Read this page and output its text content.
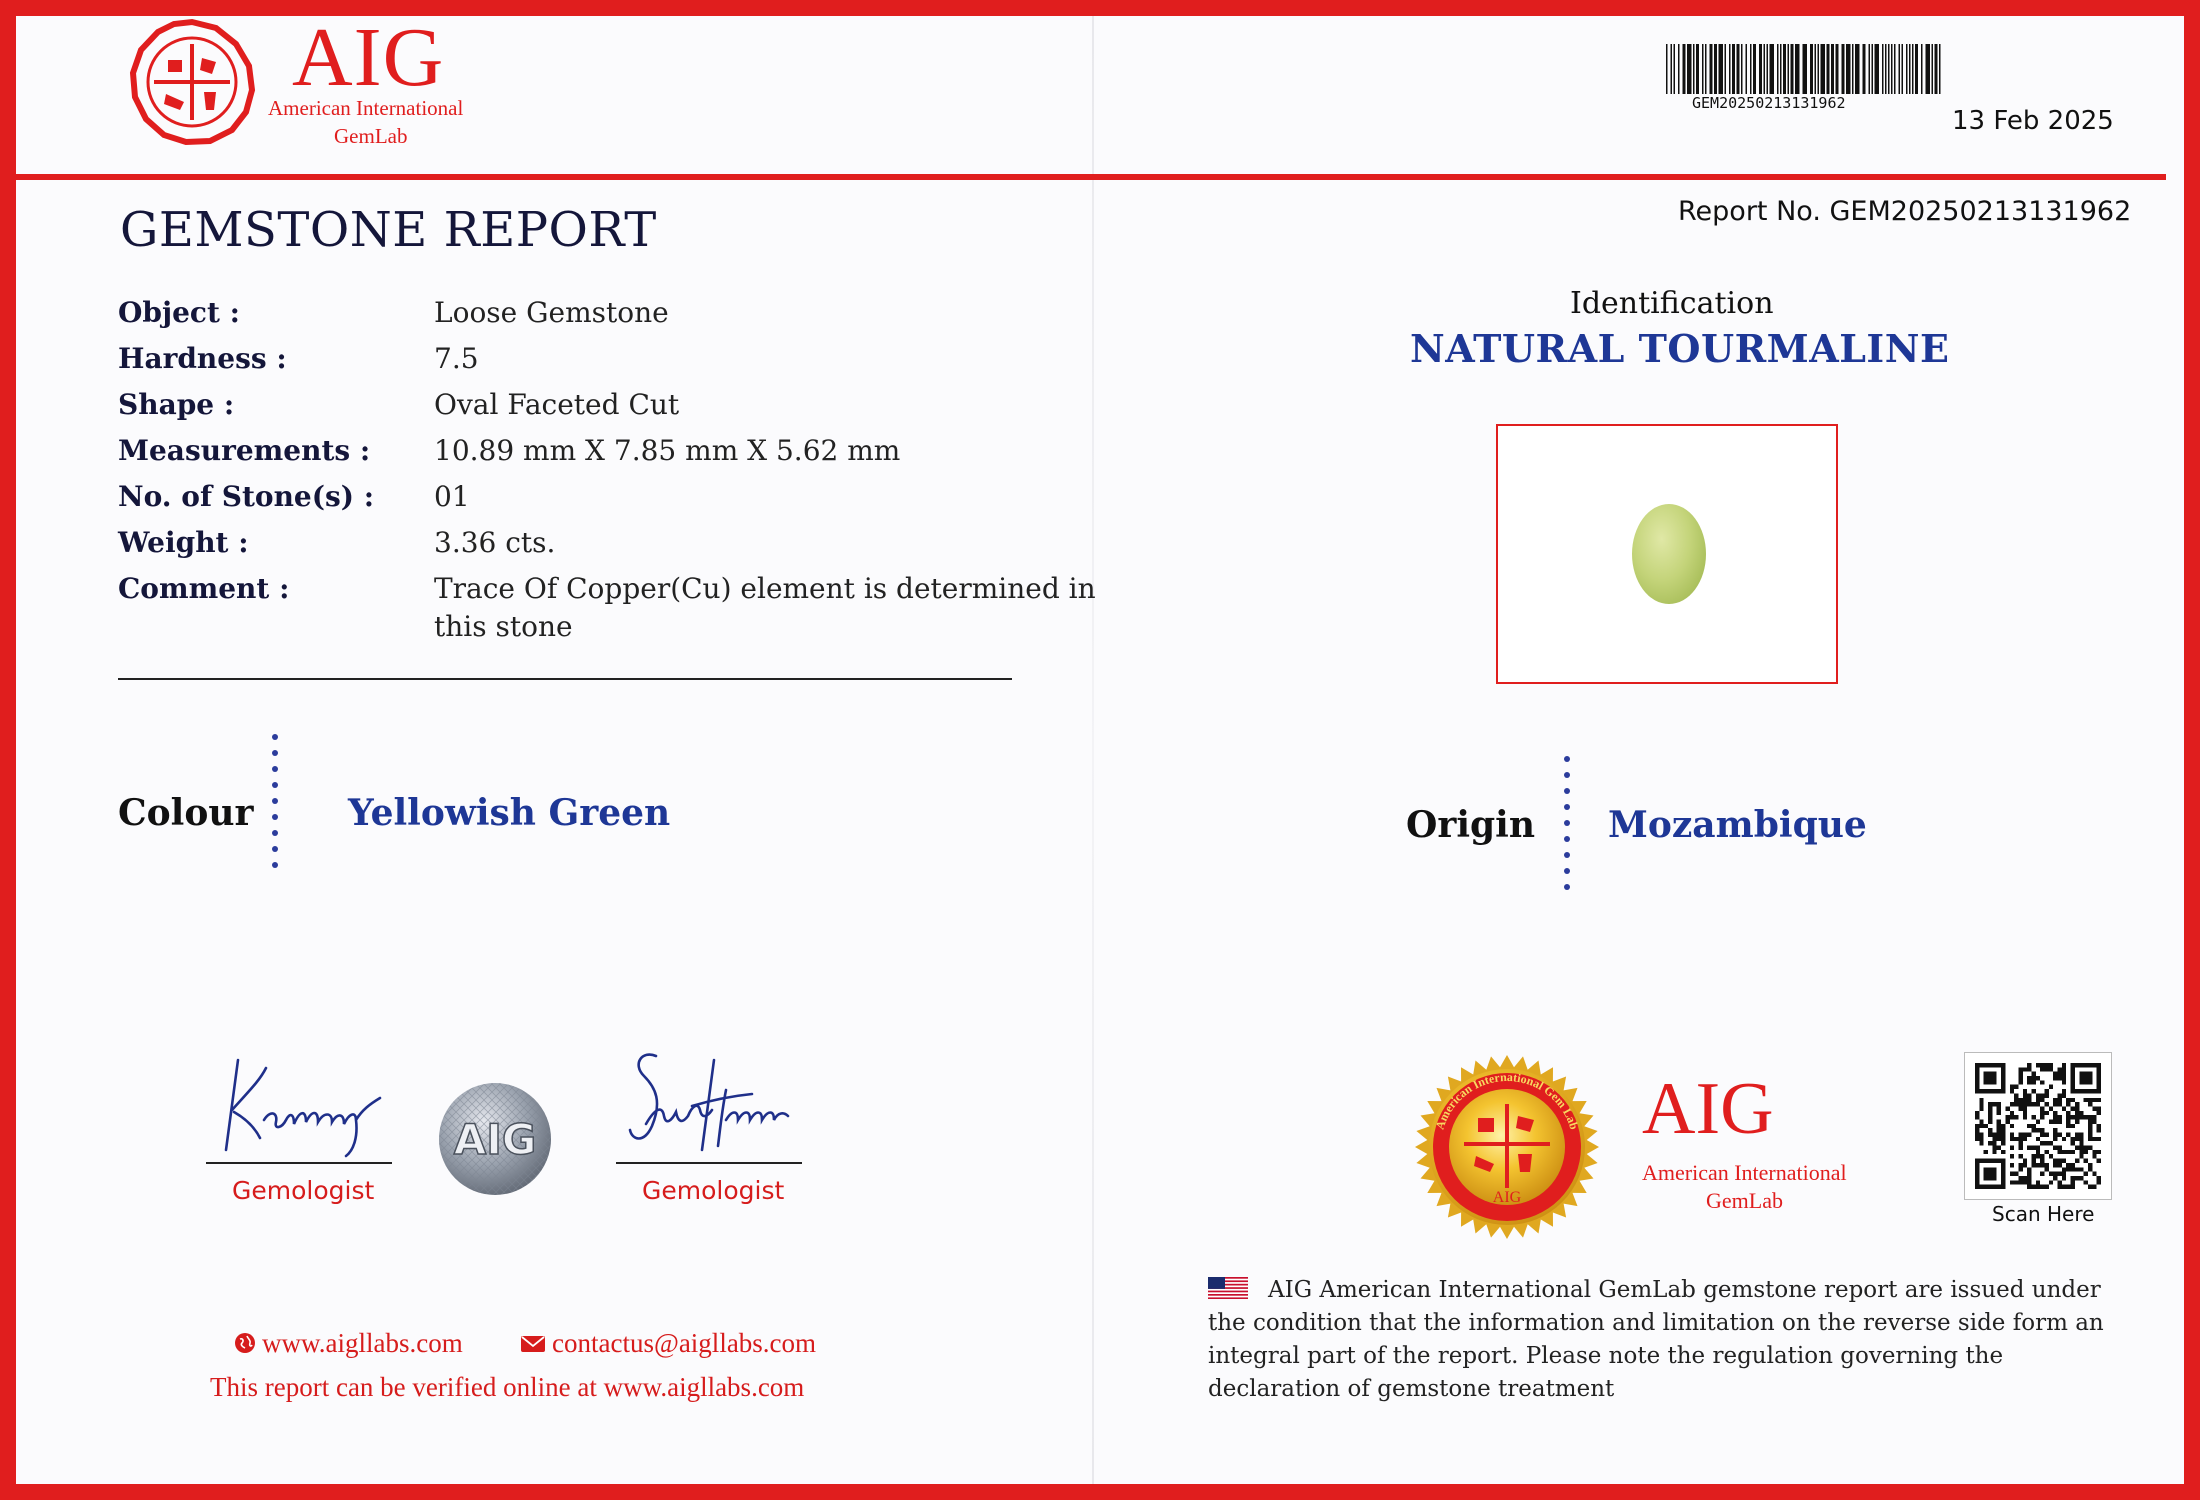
AIG
American International
GemLab
GEM20250213131962
13 Feb 2025
GEMSTONE REPORT	Report No. GEM20250213131962
Object :	Loose Gemstone
Hardness :	7.5
Shape :	Oval Faceted Cut
Measurements : 10.89 mm X 7.85 mm X 5.62 mm
No. of Stone(s) : 01
Weight :	3.36 cts.
Comment :	Trace Of Copper(Cu) element is determined in
this stone
Colour	Yellowish Green
Gemologist
AIG
Gemologist
www.aigllabs.com	contactus@aigllabs.com
This report can be verified online at www.aigllabs.com
Identification
NATURAL TOURMALINE
Origin Mozambique
American International Gem Lab
AIG
AIG
American International
GemLab
Scan Here
AIG American International GemLab gemstone report are issued under the condition that the information and limitation on the reverse side form an integral part of the report. Please note the regulation governing the declaration of gemstone treatment
